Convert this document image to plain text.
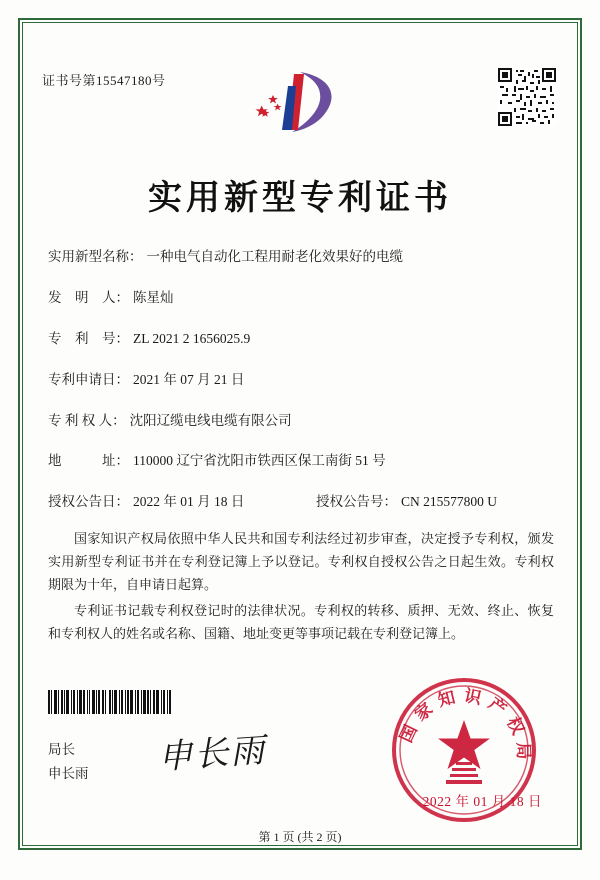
证书号第15547180号
实用新型专利证书
实用新型名称 ： 一种电气自动化工程用耐老化效果好的电缆
发　明　人 ： 陈星灿
专　利　号 ： ZL 2021 2 1656025.9
专利申请日 ： 2021 年 07 月 21 日
专 利 权 人 ： 沈阳辽缆电线电缆有限公司
地　　　址 ： 110000 辽宁省沈阳市铁西区保工南街 51 号
授权公告日 ： 2022 年 01 月 18 日	授权公告号 ： CN 215577800 U

国家知识产权局依照中华人民共和国专利法经过初步审查，决定授予专利权，颁发实用新型专利证书并在专利登记簿上予以登记。专利权自授权公告之日起生效。专利权期限为十年，自申请日起算。

专利证书记载专利权登记时的法律状况。专利权的转移、质押、无效、终止、恢复和专利权人的姓名或名称、国籍、地址变更等事项记载在专利登记簿上。

局长
申长雨 申长雨	国家知识产权局
2022 年 01 月 18 日
第 1 页 (共 2 页)
